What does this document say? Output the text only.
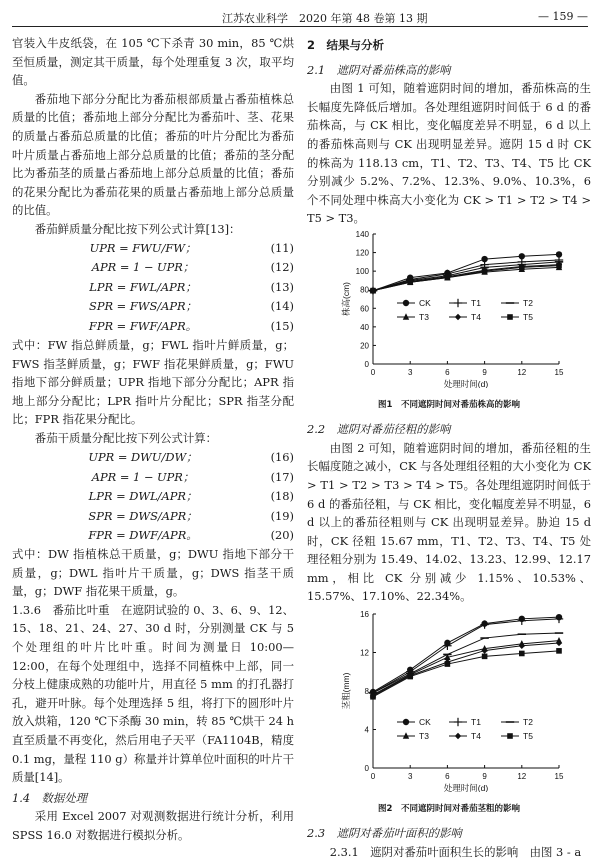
江苏农业科学　2020 年第 48 卷第 13 期	— 159 —

官装入牛皮纸袋，在 105 ℃下杀青 30 min，85 ℃烘至恒质量，测定其干质量，每个处理重复 3 次，取平均值。

番茄地下部分分配比为番茄根部质量占番茄植株总质量的比值；番茄地上部分分配比为番茄叶、茎、花果的质量占番茄总质量的比值；番茄的叶片分配比为番茄叶片质量占番茄地上部分总质量的比值；番茄的茎分配比为番茄茎的质量占番茄地上部分总质量的比值；番茄的花果分配比为番茄花果的质量占番茄地上部分总质量的比值。

番茄鲜质量分配比按下列公式计算[13]：

UPR = FWU/FW；	(11)
APR = 1 − UPR；	(12)
LPR = FWL/APR；	(13)
SPR = FWS/APR；	(14)
FPR = FWF/APR。	(15)

式中：FW 指总鲜质量，g；FWL 指叶片鲜质量，g；FWS 指茎鲜质量，g；FWF 指花果鲜质量，g；FWU 指地下部分鲜质量；UPR 指地下部分分配比；APR 指地上部分分配比；LPR 指叶片分配比；SPR 指茎分配比；FPR 指花果分配比。

番茄干质量分配比按下列公式计算：

UPR = DWU/DW；	(16)
APR = 1 − UPR；	(17)
LPR = DWL/APR；	(18)
SPR = DWS/APR；	(19)
FPR = DWF/APR。	(20)

式中：DW 指植株总干质量，g；DWU 指地下部分干质量，g；DWL 指叶片干质量，g；DWS 指茎干质量，g；DWF 指花果干质量，g。

1.3.6　 番茄比叶重　 在遮阴试验的 0、3、6、9、12、15、18、21、24、27、30 d 时，分别测量 CK 与 5 个处理组的叶片比叶重。时间为测量日 10:00—12:00，在每个处理组中，选择不同植株中上部，同一分枝上健康成熟的功能叶片，用直径 5 mm 的打孔器打孔，避开叶脉。每个处理选择 5 组，将打下的圆形叶片放入烘箱，120 ℃下杀酶 30 min，转 85 ℃烘干 24 h 直至质量不再变化，然后用电子天平（FA1104B，精度 0.1 mg，量程 110 g）称量并计算单位叶面积的叶片干质量[14]。

1.4　数据处理

采用 Excel 2007 对观测数据进行统计分析，利用 SPSS 16.0 对数据进行模拟分析。

2　结果与分析

2.1　遮阴对番茄株高的影响

由图 1 可知，随着遮阴时间的增加，番茄株高的生长幅度先降低后增加。各处理组遮阴时间低于 6 d 的番茄株高，与 CK 相比，变化幅度差异不明显，6 d 以上的番茄株高则与 CK 出现明显差异。遮阴 15 d 时 CK 的株高为 118.13 cm，T1、T2、T3、T4、T5 比 CK 分别减少 5.2%、7.2%、12.3%、9.0%、10.3%，6 个不同处理中株高大小变化为 CK > T1 > T2 > T4 > T5 > T3。

0
20
40
60
80
100
120
140
0	3	6	9	12	15
株高(cm)
处理时间(d)
CK	T1	T2
T3	T4	T5
图1　不同遮阴时间对番茄株高的影响

2.2　遮阴对番茄径粗的影响

由图 2 可知，随着遮阴时间的增加，番茄径粗的生长幅度随之减小，CK 与各处理组径粗的大小变化为 CK > T1 > T2 > T3 > T4 > T5。各处理组遮阴时间低于 6 d 的番茄径粗，与 CK 相比，变化幅度差异不明显，6 d 以上的番茄径粗则与 CK 出现明显差异。胁迫 15 d 时，CK 径粗 15.67 mm，T1、T2、T3、T4、T5 处理径粗分别为 15.49、14.02、13.23、12.99、12.17 mm，相比 CK 分别减少 1.15%、10.53%、15.57%、17.10%、22.34%。

0
4
8
12
16
0	3	6	9	12	15
茎粗(mm)
处理时间(d)
CK	T1	T2
T3	T4	T5
图2　不同遮阴时间对番茄茎粗的影响

2.3　遮阴对番茄叶面积的影响

2.3.1　遮阴对番茄叶面积生长的影响　由图 3 - a
